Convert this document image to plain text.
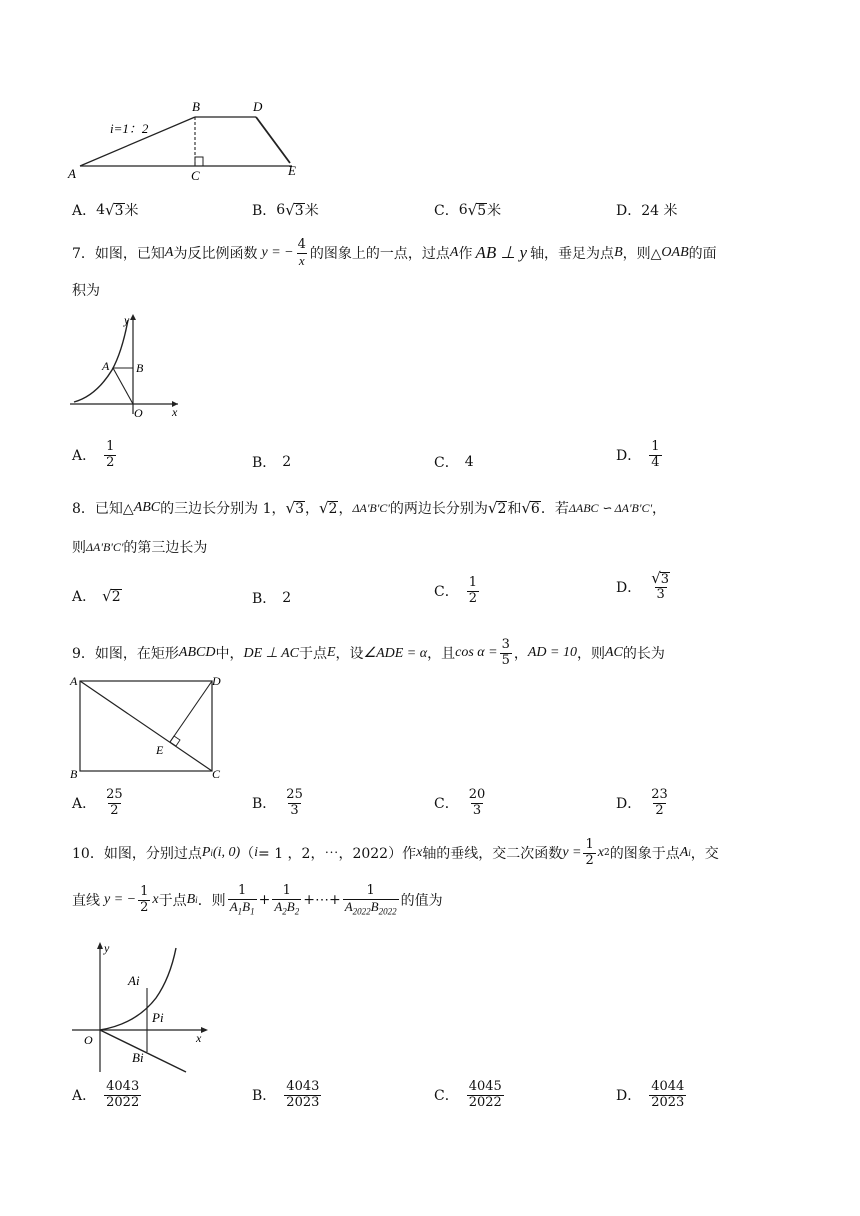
i=1：2
B	D
A	C	E
A． 4 √ 3 米	B． 6 √ 3 米	C． 6 √ 5 米	D． 24 米
7．如图，已知 A 为反比例函数 y = − $\frac{4}{x}$ 的图象上的一点，过点 A 作 AB ⊥ y 轴，垂足为点 B ，则△ OAB 的面
积为
y
A B
O x
A． $\frac{1}{2}$	B． 2	C． 4	D． $\frac{1}{4}$
8．已知△ ABC 的三边长分别为 1， √ 3 ， √ 2 ， ΔA'B'C' 的两边长分别为 √ 2 和 √ 6 ．若 ΔABC ∽ ΔA'B'C' ，
则 ΔA'B'C' 的第三边长为
A． √ 2	B． 2	C． $\frac{1}{2}$	D． $\frac{√ 3}{3}$
9．如图，在矩形 ABCD 中， DE ⊥ AC 于点 E ，设 ∠ADE = α ，且 $\cos \alpha = \frac{3}{5}$ ， AD = 10 ，则 AC 的长为
A	D
E
B	C
A． $\frac{25}{2}$	B． $\frac{25}{3}$	C． $\frac{20}{3}$	D． $\frac{23}{2}$
10．如图，分别过点 P i (i, 0) （ i = 1 ，2，⋯，2022）作 x 轴的垂线，交二次函数 $y = \frac{1}{2}$ x 2 的图象于点 A i ，交
直线 y = − $\frac{1}{2}$ x 于点 B i ．则 $\frac{1}{A_1B_1} + \frac{1}{A_2B_2}$ +⋯+ $\frac{1}{A_{2022}B_{2022}}$ 的值为
y
Ai
Pi
O	x
Bi
A． $\frac{4043}{2022}$	B． $\frac{4043}{2023}$	C． $\frac{4045}{2022}$	D． $\frac{4044}{2023}$
